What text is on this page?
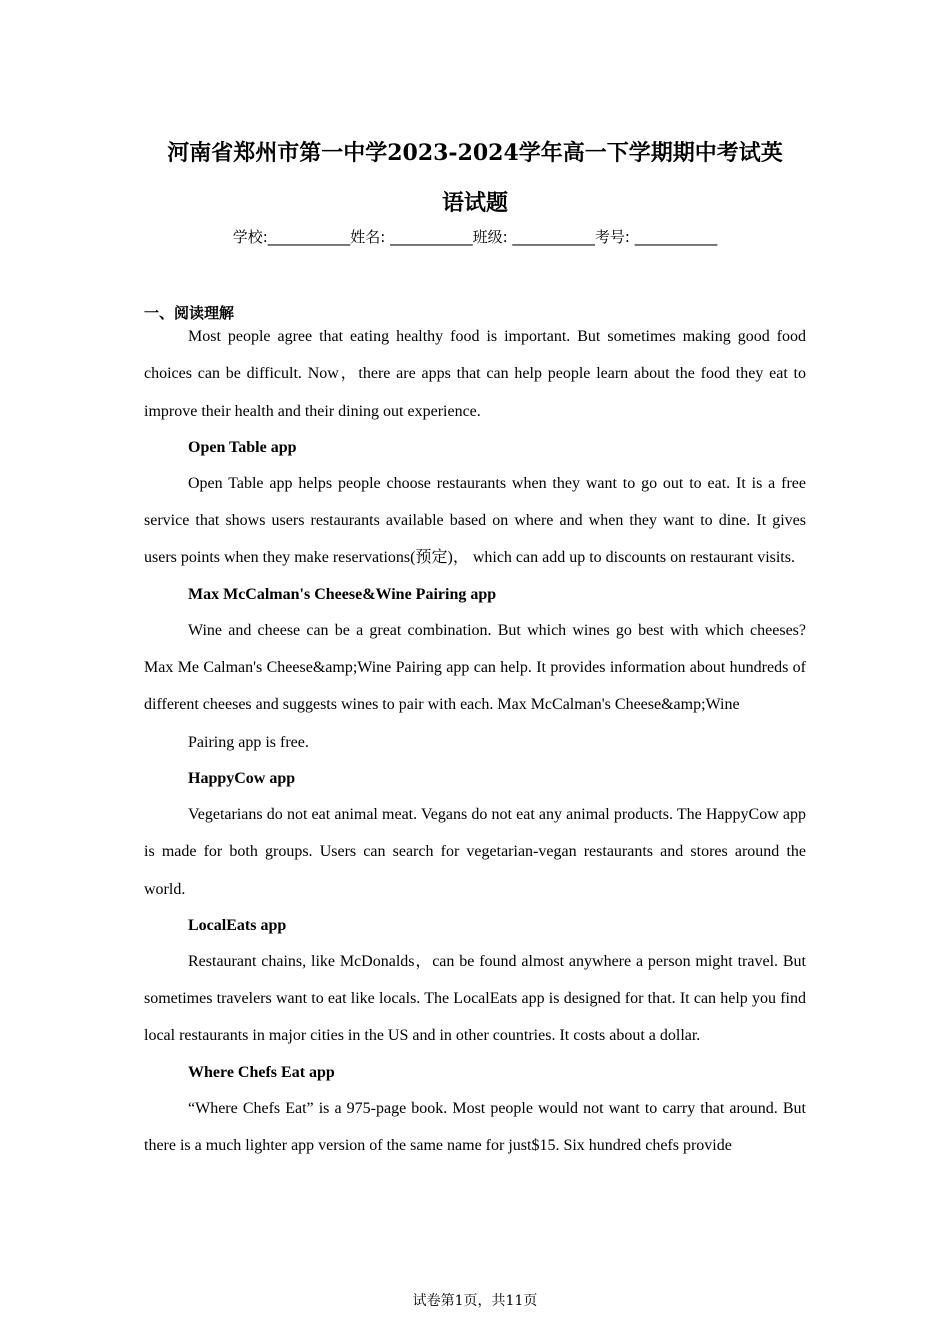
河南省郑州市第一中学2023-2024学年高一下学期期中考试英
语试题
学校:___________姓名: ___________班级: ___________考号: ___________
一、阅读理解

Most people agree that eating healthy food is important. But sometimes making good food choices can be difficult. Now，there are apps that can help people learn about the food they eat to improve their health and their dining out experience.

Open Table app

Open Table app helps people choose restaurants when they want to go out to eat. It is a free service that shows users restaurants available based on where and when they want to dine. It gives users points when they make reservations(预定)， which can add up to discounts on restaurant visits.

Max McCalman's Cheese&Wine Pairing app

Wine and cheese can be a great combination. But which wines go best with which cheeses? Max Me Calman's Cheese&amp;Wine Pairing app can help. It provides information about hundreds of different cheeses and suggests wines to pair with each. Max McCalman's Cheese&amp;Wine

Pairing app is free.

HappyCow app

Vegetarians do not eat animal meat. Vegans do not eat any animal products. The HappyCow app is made for both groups. Users can search for vegetarian-vegan restaurants and stores around the world.

LocalEats app

Restaurant chains, like McDonalds，can be found almost anywhere a person might travel. But sometimes travelers want to eat like locals. The LocalEats app is designed for that. It can help you find local restaurants in major cities in the US and in other countries. It costs about a dollar.

Where Chefs Eat app

“Where Chefs Eat” is a 975-page book. Most people would not want to carry that around. But there is a much lighter app version of the same name for just$15. Six hundred chefs provide

试卷第1页，共11页
